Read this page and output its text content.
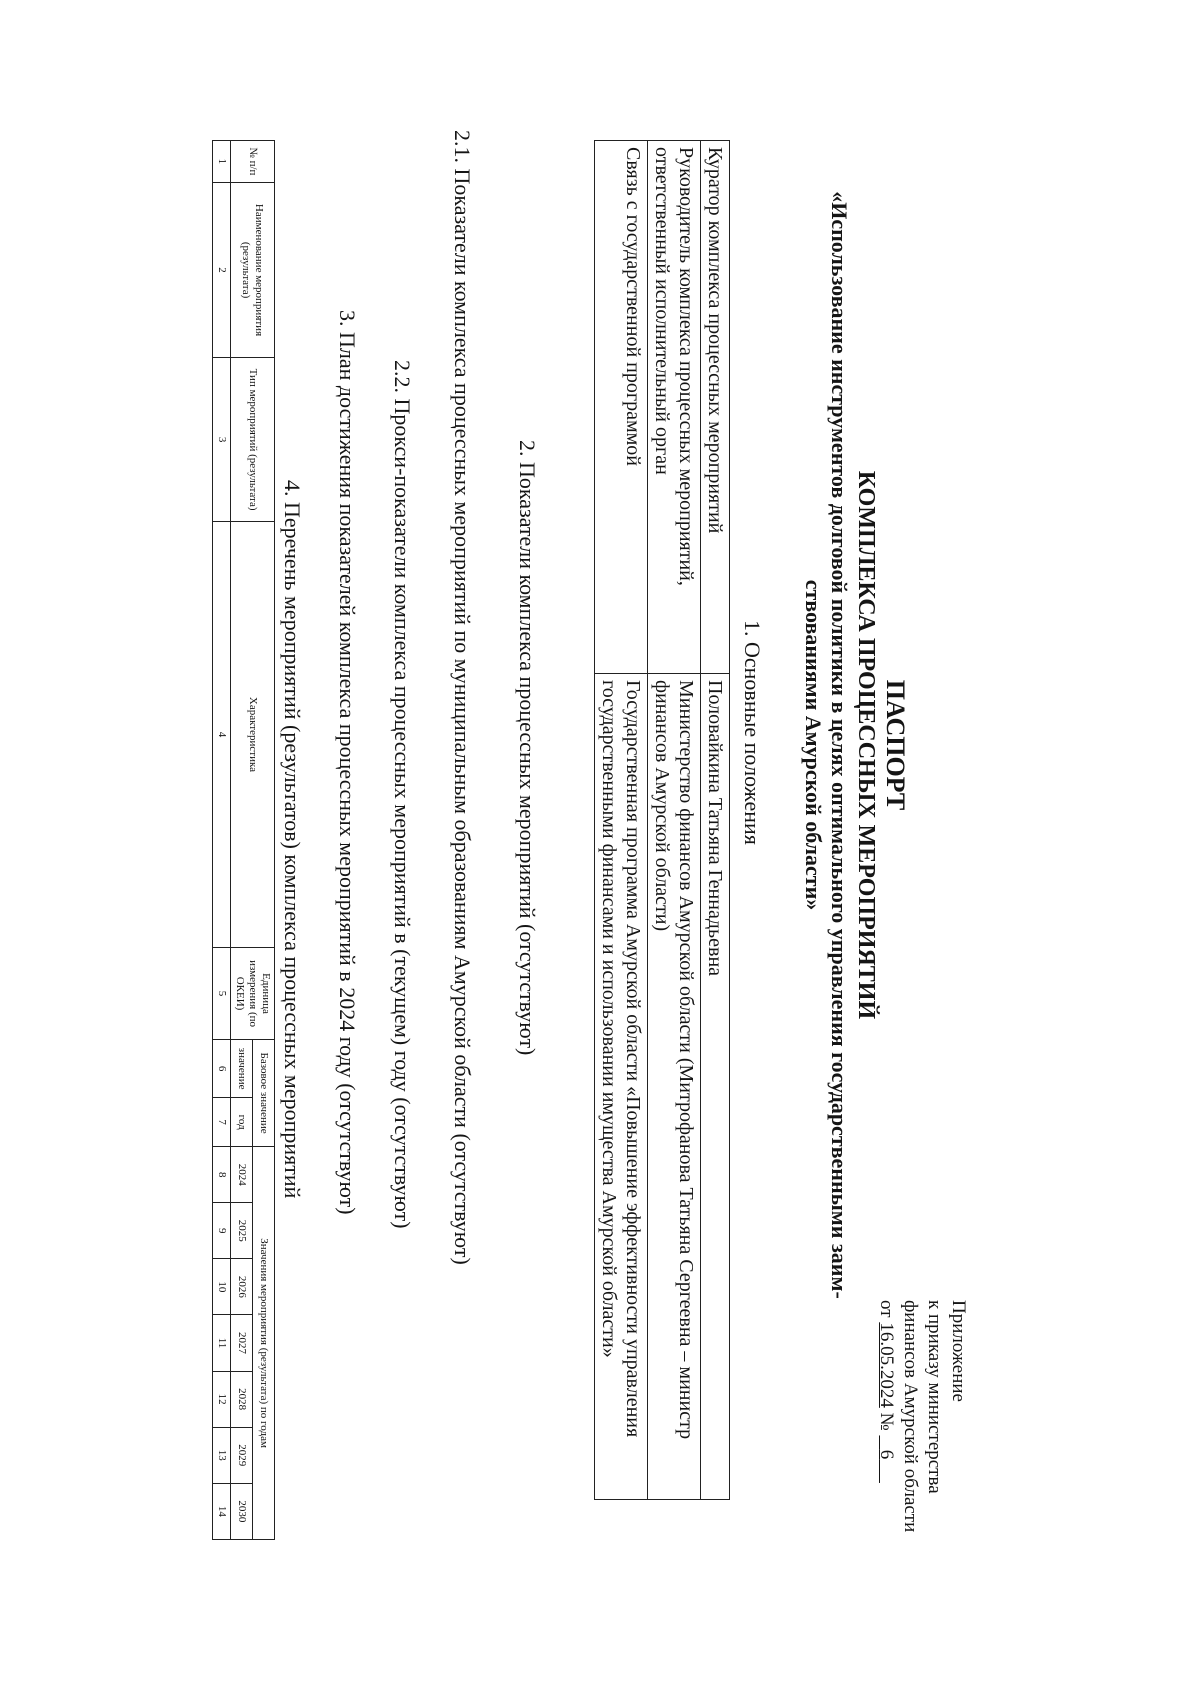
Приложение
к приказу министерства
финансов Амурской области
от 16.05.2024 №    6
ПАСПОРТ
КОМПЛЕКСА ПРОЦЕССНЫХ МЕРОПРИЯТИЙ
«Использование инструментов долговой политики в целях оптимального управления государственными заим-
ствованиями Амурской области»
1. Основные положения
Куратор комплекса процессных мероприятий	Половайкина Татьяна Геннадьевна
Руководитель комплекса процессных мероприятий, ответственный исполнительный орган	Министерство финансов Амурской области (Митрофанова Татьяна Сергеевна – министр финансов Амурской области)
Связь с государственной программой	Государственная программа Амурской области «Повышение эффективности управления государственными финансами и использовании имущества Амурской области»
2. Показатели комплекса процессных мероприятий (отсутствуют)
2.1. Показатели комплекса процессных мероприятий по муниципальным образованиям Амурской области (отсутствуют)
2.2. Прокси-показатели комплекса процессных мероприятий в (текущем) году (отсутствуют)
3. План достижения показателей комплекса процессных мероприятий в 2024 году (отсутствуют)
4. Перечень мероприятий (результатов) комплекса процессных мероприятий
№ п/п	Наименование мероприятия (результата)	Тип мероприятий (результата)	Характеристика	Единица измерения (по ОКЕИ)	Базовое значение		Значения мероприятия (результата) по годам						
					значение	год	2024	2025	2026	2027	2028	2029	2030
1	2	3	4	5	6	7	8	9	10	11	12	13	14
